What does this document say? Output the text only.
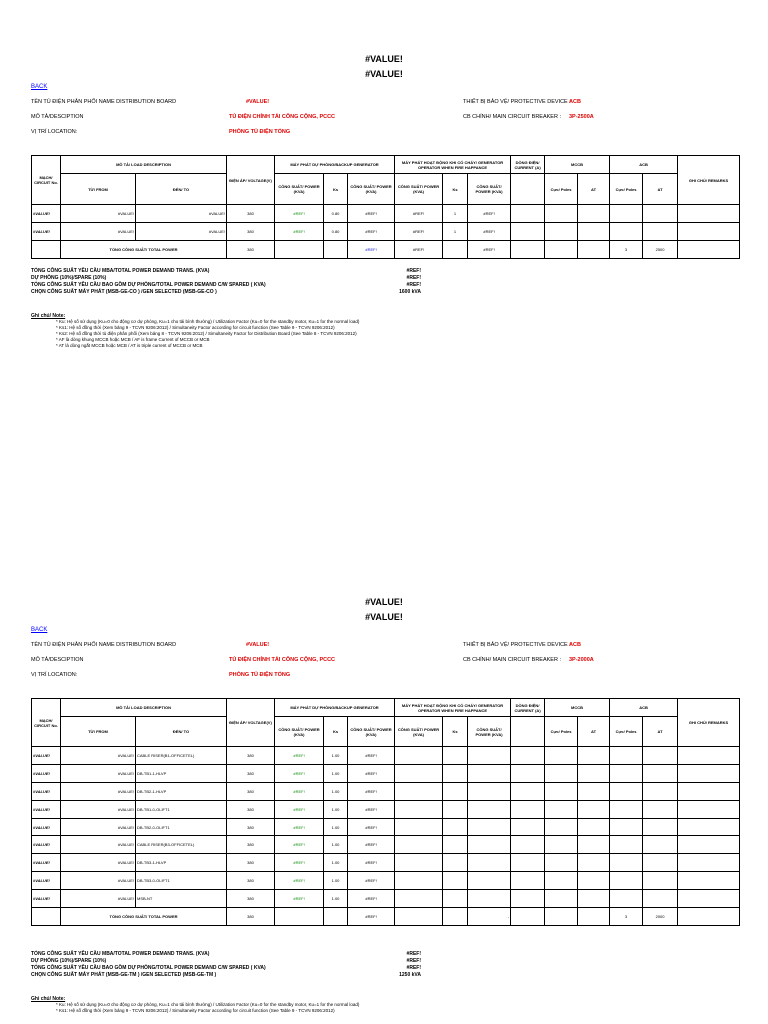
#VALUE!
#VALUE!
BACK
TÊN TỦ ĐIỆN PHÂN PHỐI NAME DISTRIBUTION BOARD	#VALUE!	THIẾT BỊ BẢO VỆ/ PROTECTIVE DEVICE :
ACB
MÔ TẢ/DESCIPTION	TỦ ĐIỆN CHÍNH TẢI CÔNG CỘNG, PCCC	CB CHÍNH/ MAIN CIRCUIT BREAKER : 3P-2500A
VỊ TRÍ LOCATION:	PHÒNG TỦ ĐIỆN TỔNG
MẠCH/ CIRCUIT No.	MÔ TẢ/ LOAD DESCRIPTION		ĐIỆN ÁP/ VOLTAGE(V)	MÁY PHÁT DỰ PHÒNG/BACKUP GENERATOR			MÁY PHÁT HOẠT ĐỘNG KHI CÓ CHÁY/ GENERATOR OPERATOR WHEN FIRE HAPPANCE			DÒNG ĐIỆN/ CURRENT (A)	MCCB		ACB		GHI CHÚ/ REMARKS
	TỪ/ FROM	ĐẾN/ TO		CÔNG SUẤT/ POWER (KVA)	Ks	CÔNG SUẤT/ POWER (KVA)	CÔNG SUẤT/ POWER (KVA)	Ks	CÔNG SUẤT/ POWER (KVA)		Cực/ Poles	AT	Cực/ Poles	AT	
#VALUE!	#VALUE!	#VALUE!	380	#REF!	0.80	#REF!	#REF!	1	#REF!						
#VALUE!	#VALUE!	#VALUE!	380	#REF!	0.80	#REF!	#REF!	1	#REF!						
	TỔNG CÔNG SUẤT/ TOTAL POWER		380			#REF!	#REF!		#REF!				3	2500	
TỔNG CÔNG SUẤT YÊU CẦU MBA/TOTAL POWER DEMAND TRANS. (KVA)	#REF!
DỰ PHÒNG (10%)/SPARE (10%)	#REF!
TỔNG CÔNG SUẤT YÊU CẦU BAO GỒM DỰ PHÒNG/TOTAL POWER DEMAND C/W SPARED ( KVA)	#REF!
CHỌN CÔNG SUẤT MÁY PHÁT (MSB-GE-CO ) /GEN SELECTED (MSB-GE-CO )	1600 kVA
Ghi chú/ Note:
* Ku: Hệ số sử dụng (Ku=0 cho động cơ dự phòng, Ku=1 cho tải bình thường) / Utilization Factor (Ku=0 for the standby motor, Ku=1 for the normal load)
* Ks1: Hệ số đồng thời (Xem bảng 9 - TCVN 9206:2012) / Simultaneity Factor according for circuit function (See Table 9 - TCVN 9206:2012)
* Ks2: Hệ số đồng thời tủ điện phân phối (Xem bảng 8 - TCVN 9206:2012) / Simultaneity Factor for Distribution Board (See Table 8 - TCVN 9206:2012)
* AF là dòng khung MCCB hoặc MCB / AF is frame Current of MCCB or MCB
* AT là dòng ngắt MCCB hoặc MCB / AT is triple current of MCCB or MCB
#VALUE!
#VALUE!
BACK
TÊN TỦ ĐIỆN PHÂN PHỐI NAME DISTRIBUTION BOARD	#VALUE!	THIẾT BỊ BẢO VỆ/ PROTECTIVE DEVICE :
ACB
MÔ TẢ/DESCIPTION	TỦ ĐIỆN CHÍNH TẢI CÔNG CỘNG, PCCC	CB CHÍNH/ MAIN CIRCUIT BREAKER : 3P-2000A
VỊ TRÍ LOCATION:	PHÒNG TỦ ĐIỆN TỔNG
MẠCH/ CIRCUIT No.	MÔ TẢ/ LOAD DESCRIPTION		ĐIỆN ÁP/ VOLTAGE(V)	MÁY PHÁT DỰ PHÒNG/BACKUP GENERATOR			MÁY PHÁT HOẠT ĐỘNG KHI CÓ CHÁY/ GENERATOR OPERATOR WHEN FIRE HAPPANCE			DÒNG ĐIỆN/ CURRENT (A)	MCCB		ACB		GHI CHÚ/ REMARKS
	TỪ/ FROM	ĐẾN/ TO		CÔNG SUẤT/ POWER (KVA)	Ks	CÔNG SUẤT/ POWER (KVA)	CÔNG SUẤT/ POWER (KVA)	Ks	CÔNG SUẤT/ POWER (KVA)		Cực/ Poles	AT	Cực/ Poles	AT	
#VALUE!	#VALUE!	CABLE RISER(B1-OFFICETEL)	380	#REF!	1.00	#REF!									
#VALUE!	#VALUE!	DB-TB1-1-HLVP	380	#REF!	1.00	#REF!									
#VALUE!	#VALUE!	DB-TB2-1-HLVP	380	#REF!	1.00	#REF!									
#VALUE!	#VALUE!	DB-TB1-0-OLIFT1	380	#REF!	1.00	#REF!									
#VALUE!	#VALUE!	DB-TB2-0-OLIFT1	380	#REF!	1.00	#REF!									
#VALUE!	#VALUE!	CABLE RISER(B3-OFFICETEL)	380	#REF!	1.00	#REF!									
#VALUE!	#VALUE!	DB-TB3-1-HLVP	380	#REF!	1.00	#REF!									
#VALUE!	#VALUE!	DB-TB3-0-OLIFT1	380	#REF!	1.00	#REF!									
#VALUE!	#VALUE!	MSB-NT	380	#REF!	1.00	#REF!									
	TỔNG CÔNG SUẤT/ TOTAL POWER		380			#REF!			-				3	2000	
TỔNG CÔNG SUẤT YÊU CẦU MBA/TOTAL POWER DEMAND TRANS. (KVA)	#REF!
DỰ PHÒNG (10%)/SPARE (10%)	#REF!
TỔNG CÔNG SUẤT YÊU CẦU BAO GỒM DỰ PHÒNG/TOTAL POWER DEMAND C/W SPARED ( KVA)	#REF!
CHỌN CÔNG SUẤT MÁY PHÁT (MSB-GE-TM ) /GEN SELECTED (MSB-GE-TM )	1250 kVA
Ghi chú/ Note:
* Ku: Hệ số sử dụng (Ku=0 cho động cơ dự phòng, Ku=1 cho tải bình thường) / Utilization Factor (Ku=0 for the standby motor, Ku=1 for the normal load)
* Ks1: Hệ số đồng thời (Xem bảng 9 - TCVN 9206:2012) / Simultaneity Factor according for circuit function (See Table 9 - TCVN 9206:2012)
